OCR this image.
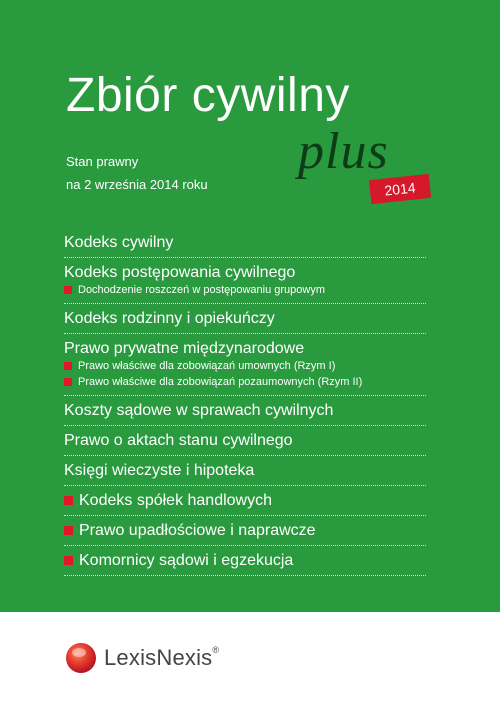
Zbiór cywilny
plus
Stan prawny
na 2 września 2014 roku	2014
Kodeks cywilny
Kodeks postępowania cywilnego
Dochodzenie roszczeń w postępowaniu grupowym
Kodeks rodzinny i opiekuńczy
Prawo prywatne międzynarodowe
Prawo właściwe dla zobowiązań umownych (Rzym I)
Prawo właściwe dla zobowiązań pozaumownych (Rzym II)
Koszty sądowe w sprawach cywilnych
Prawo o aktach stanu cywilnego
Księgi wieczyste i hipoteka
Kodeks spółek handlowych
Prawo upadłościowe i naprawcze
Komornicy sądowi i egzekucja
LexisNexis®
